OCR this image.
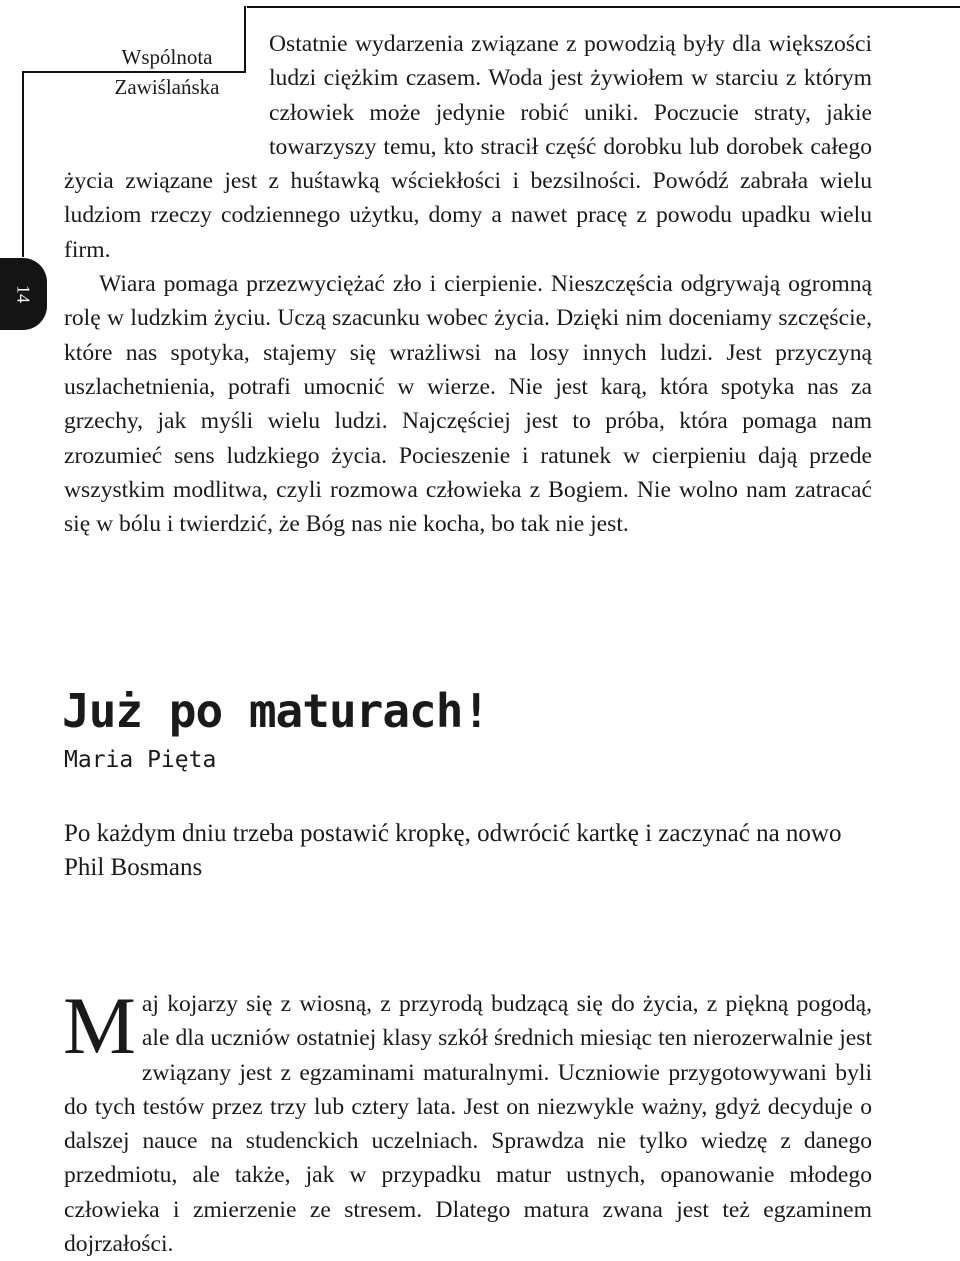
14
Wspólnota
Zawiślańska

Ostatnie wydarzenia związane z powodzią były dla większości ludzi ciężkim czasem. Woda jest żywiołem w starciu z którym człowiek może jedynie robić uniki. Poczucie straty, jakie towarzyszy temu, kto stracił część dorobku lub dorobek całego życia związane jest z huśtawką wściekłości i bezsilności. Powódź zabrała wielu ludziom rzeczy codziennego użytku, domy a nawet pracę z powodu upadku wielu firm.

Wiara pomaga przezwyciężać zło i cierpienie. Nieszczęścia odgrywają ogromną rolę w ludzkim życiu. Uczą szacunku wobec życia. Dzięki nim doceniamy szczęście, które nas spotyka, stajemy się wrażliwsi na losy innych ludzi. Jest przyczyną uszlachetnienia, potrafi umocnić w wierze. Nie jest karą, która spotyka nas za grzechy, jak myśli wielu ludzi. Najczęściej jest to próba, która pomaga nam zrozumieć sens ludzkiego życia. Pocieszenie i ratunek w cierpieniu dają przede wszystkim modlitwa, czyli rozmowa człowieka z Bogiem. Nie wolno nam zatracać się w bólu i twierdzić, że Bóg nas nie kocha, bo tak nie jest.

Już po maturach!
Maria Pięta
Po każdym dniu trzeba postawić kropkę, odwrócić kartkę i zaczynać na nowo
Phil Bosmans

Maj kojarzy się z wiosną, z przyrodą budzącą się do życia, z piękną pogodą, ale dla uczniów ostatniej klasy szkół średnich miesiąc ten nierozerwalnie jest związany jest z egzaminami maturalnymi. Uczniowie przygotowywani byli do tych testów przez trzy lub cztery lata. Jest on niezwykle ważny, gdyż decyduje o dalszej nauce na studenckich uczelniach. Sprawdza nie tylko wiedzę z danego przedmiotu, ale także, jak w przypadku matur ustnych, opanowanie młodego człowieka i zmierzenie ze stresem. Dlatego matura zwana jest też egzaminem dojrzałości.
